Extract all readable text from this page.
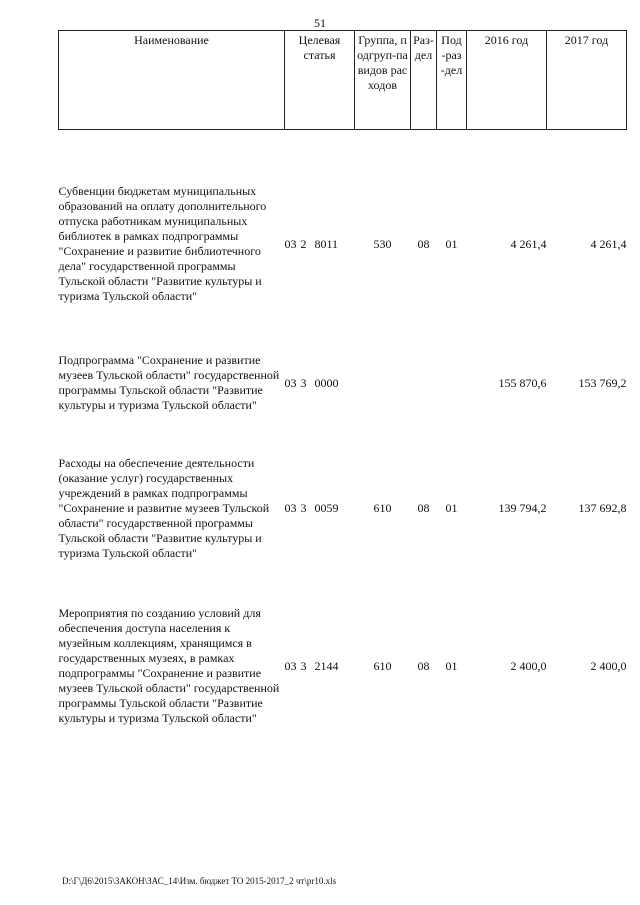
51
Наименование	Целевая статья	Группа, подгруп-па видов расходов	Раз-дел	Под-раз-дел	2016 год	2017 год

Субвенции бюджетам муниципальных образований на оплату дополнительного отпуска работникам муниципальных библиотек в рамках подпрограммы "Сохранение и развитие библиотечного дела" государственной программы Тульской области "Развитие культуры и туризма Тульской области"	03 2 8011	530	08	01	4 261,4	4 261,4

Подпрограмма "Сохранение и развитие музеев Тульской области" государственной программы Тульской области "Развитие культуры и туризма Тульской области"	03 3 0000				155 870,6	153 769,2

Расходы на обеспечение деятельности (оказание услуг) государственных учреждений в рамках подпрограммы "Сохранение и развитие музеев Тульской области" государственной программы Тульской области "Развитие культуры и туризма Тульской области"	03 3 0059	610	08	01	139 794,2	137 692,8

Мероприятия по созданию условий для обеспечения доступа населения к музейным коллекциям, хранящимся в государственных музеях, в рамках подпрограммы "Сохранение и развитие музеев Тульской области" государственной программы Тульской области "Развитие культуры и туризма Тульской области"	03 3 2144	610	08	01	2 400,0	2 400,0
D:\Г\Д6\2015\ЗАКОН\ЗАС_14\Изм. бюджет ТО 2015-2017_2 чт\pr10.xls
